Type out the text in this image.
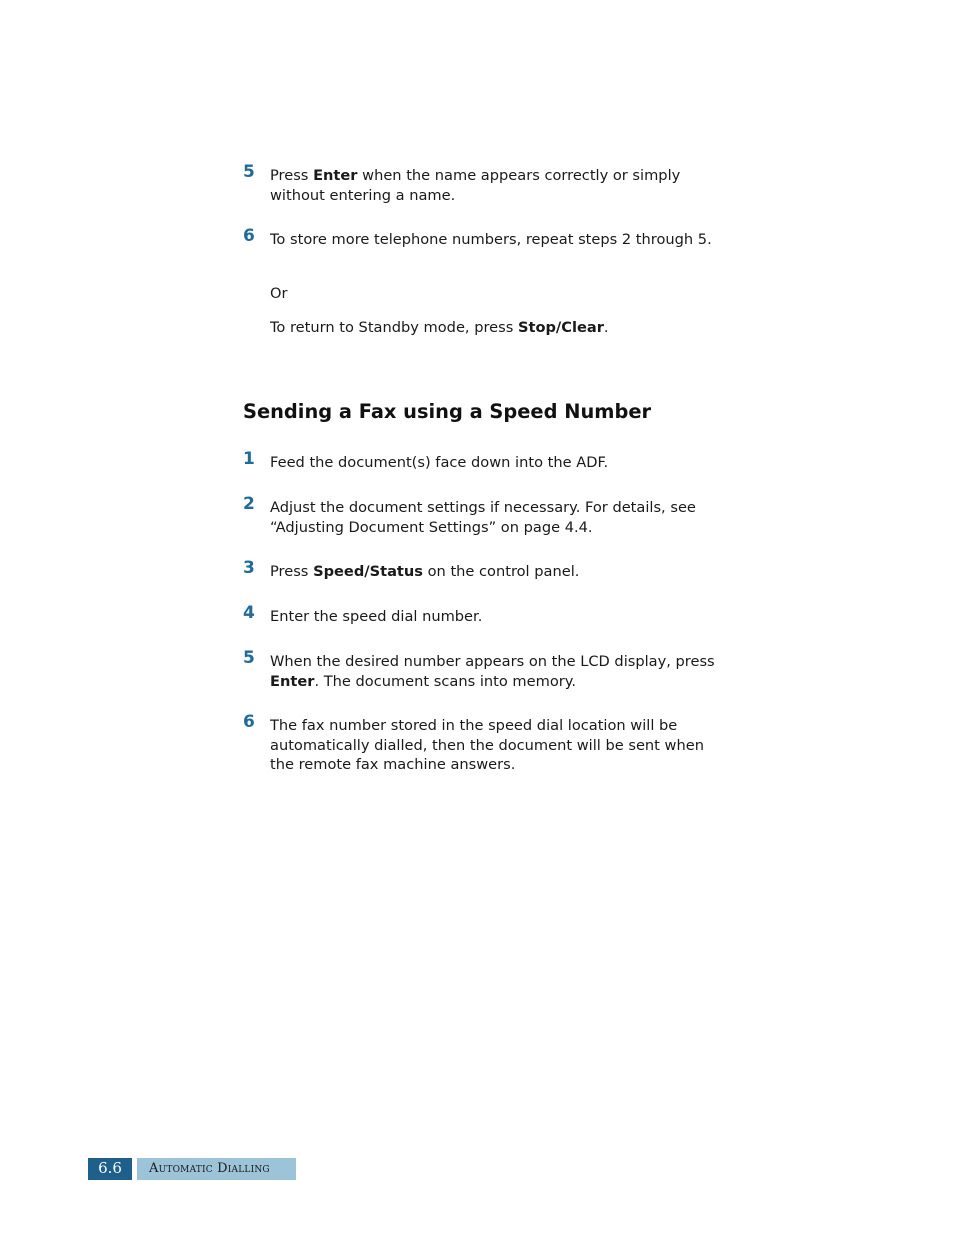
5 Press Enter when the name appears correctly or simply without entering a name.

6 To store more telephone numbers, repeat steps 2 through 5.

Or

To return to Standby mode, press Stop/Clear.

Sending a Fax using a Speed Number
1 Feed the document(s) face down into the ADF.

2 Adjust the document settings if necessary. For details, see “Adjusting Document Settings” on page 4.4.

3 Press Speed/Status on the control panel.

4 Enter the speed dial number.

5 When the desired number appears on the LCD display, press Enter. The document scans into memory.

6 The fax number stored in the speed dial location will be automatically dialled, then the document will be sent when the remote fax machine answers.

6.6	Automatic Dialling
